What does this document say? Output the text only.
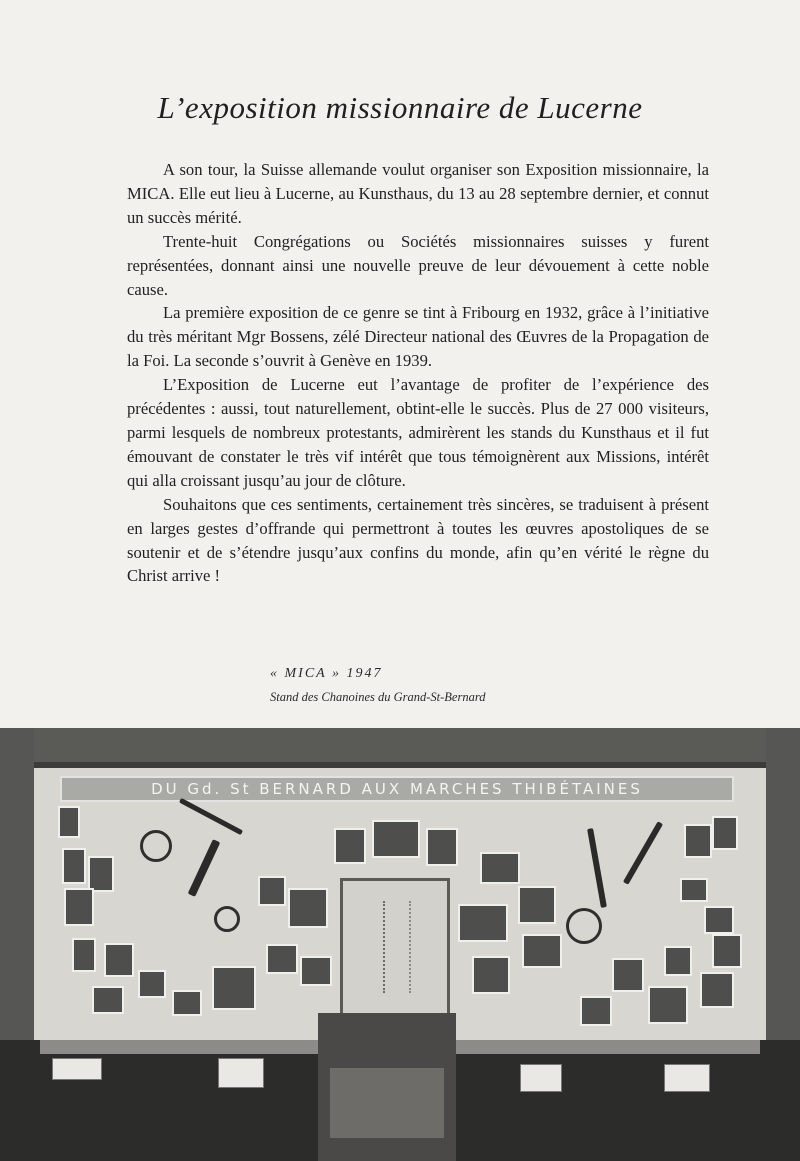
L’exposition missionnaire de Lucerne

A son tour, la Suisse allemande voulut organiser son Exposition missionnaire, la MICA. Elle eut lieu à Lucerne, au Kunsthaus, du 13 au 28 septembre dernier, et connut un succès mérité.

Trente-huit Congrégations ou Sociétés missionnaires suisses y furent représentées, donnant ainsi une nouvelle preuve de leur dévouement à cette noble cause.

La première exposition de ce genre se tint à Fribourg en 1932, grâce à l’initiative du très méritant Mgr Bossens, zélé Directeur national des Œuvres de la Propagation de la Foi. La seconde s’ouvrit à Genève en 1939.

L’Exposition de Lucerne eut l’avantage de profiter de l’expérience des précédentes : aussi, tout naturellement, obtint-elle le succès. Plus de 27 000 visiteurs, parmi lesquels de nombreux protestants, admirèrent les stands du Kunsthaus et il fut émouvant de constater le très vif intérêt que tous témoignèrent aux Missions, intérêt qui alla croissant jusqu’au jour de clôture.

Souhaitons que ces sentiments, certainement très sincères, se traduisent à présent en larges gestes d’offrande qui permettront à toutes les œuvres apostoliques de se soutenir et de s’étendre jusqu’aux confins du monde, afin qu’en vérité le règne du Christ arrive !

« MICA » 1947

Stand des Chanoines du Grand-St-Bernard

DU Gd. St BERNARD AUX MARCHES THIBÉTAINES
